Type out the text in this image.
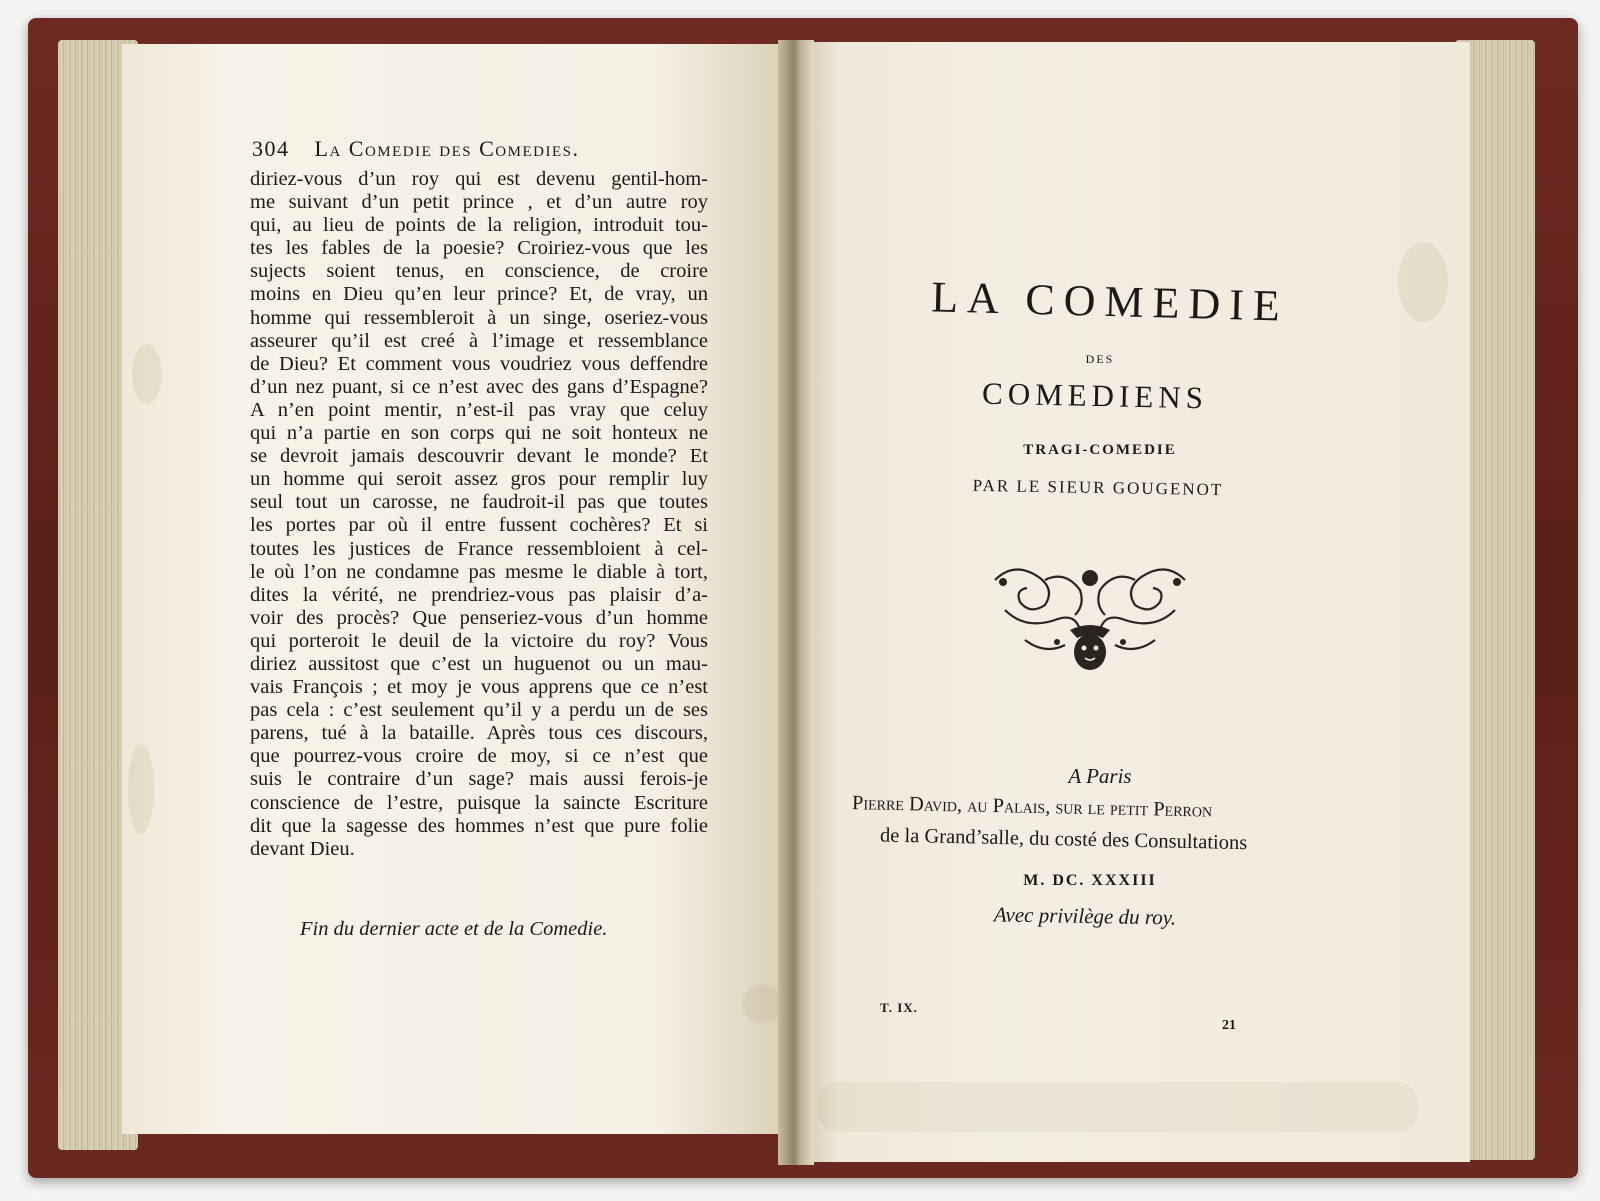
304 La Comedie des Comedies.
diriez-vous d’un roy qui est devenu gentil-hom-
me suivant d’un petit prince , et d’un autre roy
qui, au lieu de points de la religion, introduit tou-
tes les fables de la poesie? Croiriez-vous que les
sujects soient tenus, en conscience, de croire
moins en Dieu qu’en leur prince? Et, de vray, un
homme qui ressembleroit à un singe, oseriez-vous
asseurer qu’il est creé à l’image et ressemblance
de Dieu? Et comment vous voudriez vous deffendre
d’un nez puant, si ce n’est avec des gans d’Espagne?
A n’en point mentir, n’est-il pas vray que celuy
qui n’a partie en son corps qui ne soit honteux ne
se devroit jamais descouvrir devant le monde? Et
un homme qui seroit assez gros pour remplir luy
seul tout un carosse, ne faudroit-il pas que toutes
les portes par où il entre fussent cochères? Et si
toutes les justices de France ressembloient à cel-
le où l’on ne condamne pas mesme le diable à tort,
dites la vérité, ne prendriez-vous pas plaisir d’a-
voir des procès? Que penseriez-vous d’un homme
qui porteroit le deuil de la victoire du roy? Vous
diriez aussitost que c’est un huguenot ou un mau-
vais François ; et moy je vous apprens que ce n’est
pas cela : c’est seulement qu’il y a perdu un de ses
parens, tué à la bataille. Après tous ces discours,
que pourrez-vous croire de moy, si ce n’est que
suis le contraire d’un sage? mais aussi ferois-je
conscience de l’estre, puisque la saincte Escriture
dit que la sagesse des hommes n’est que pure folie
devant Dieu.
Fin du dernier acte et de la Comedie.
LA COMEDIE
DES
COMEDIENS
TRAGI-COMEDIE
PAR LE SIEUR GOUGENOT
A Paris
Pierre David, au Palais, sur le petit Perron
de la Grand’salle, du costé des Consultations
M. DC. XXXIII
Avec privilège du roy.
T. IX.
21
